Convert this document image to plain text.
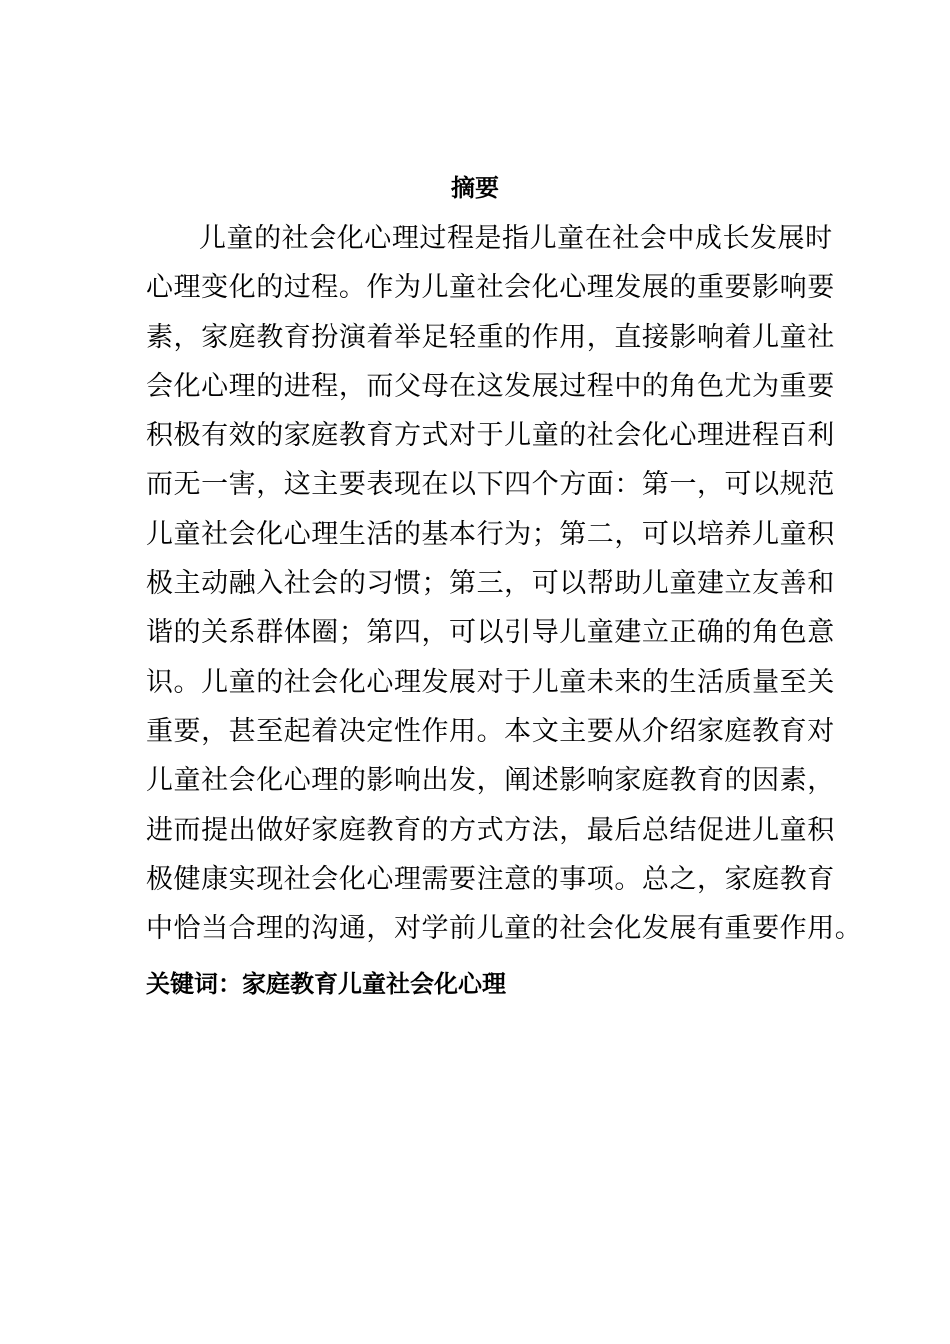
摘要
儿童的社会化心理过程是指儿童在社会中成长发展时
心理变化的过程。作为儿童社会化心理发展的重要影响要
素，家庭教育扮演着举足轻重的作用，直接影响着儿童社
会化心理的进程，而父母在这发展过程中的角色尤为重要
积极有效的家庭教育方式对于儿童的社会化心理进程百利
而无一害，这主要表现在以下四个方面：第一，可以规范
儿童社会化心理生活的基本行为；第二，可以培养儿童积
极主动融入社会的习惯；第三，可以帮助儿童建立友善和
谐的关系群体圈；第四，可以引导儿童建立正确的角色意
识。儿童的社会化心理发展对于儿童未来的生活质量至关
重要，甚至起着决定性作用。本文主要从介绍家庭教育对
儿童社会化心理的影响出发，阐述影响家庭教育的因素，
进而提出做好家庭教育的方式方法，最后总结促进儿童积
极健康实现社会化心理需要注意的事项。总之，家庭教育
中恰当合理的沟通，对学前儿童的社会化发展有重要作用。
关键词：家庭教育儿童社会化心理
